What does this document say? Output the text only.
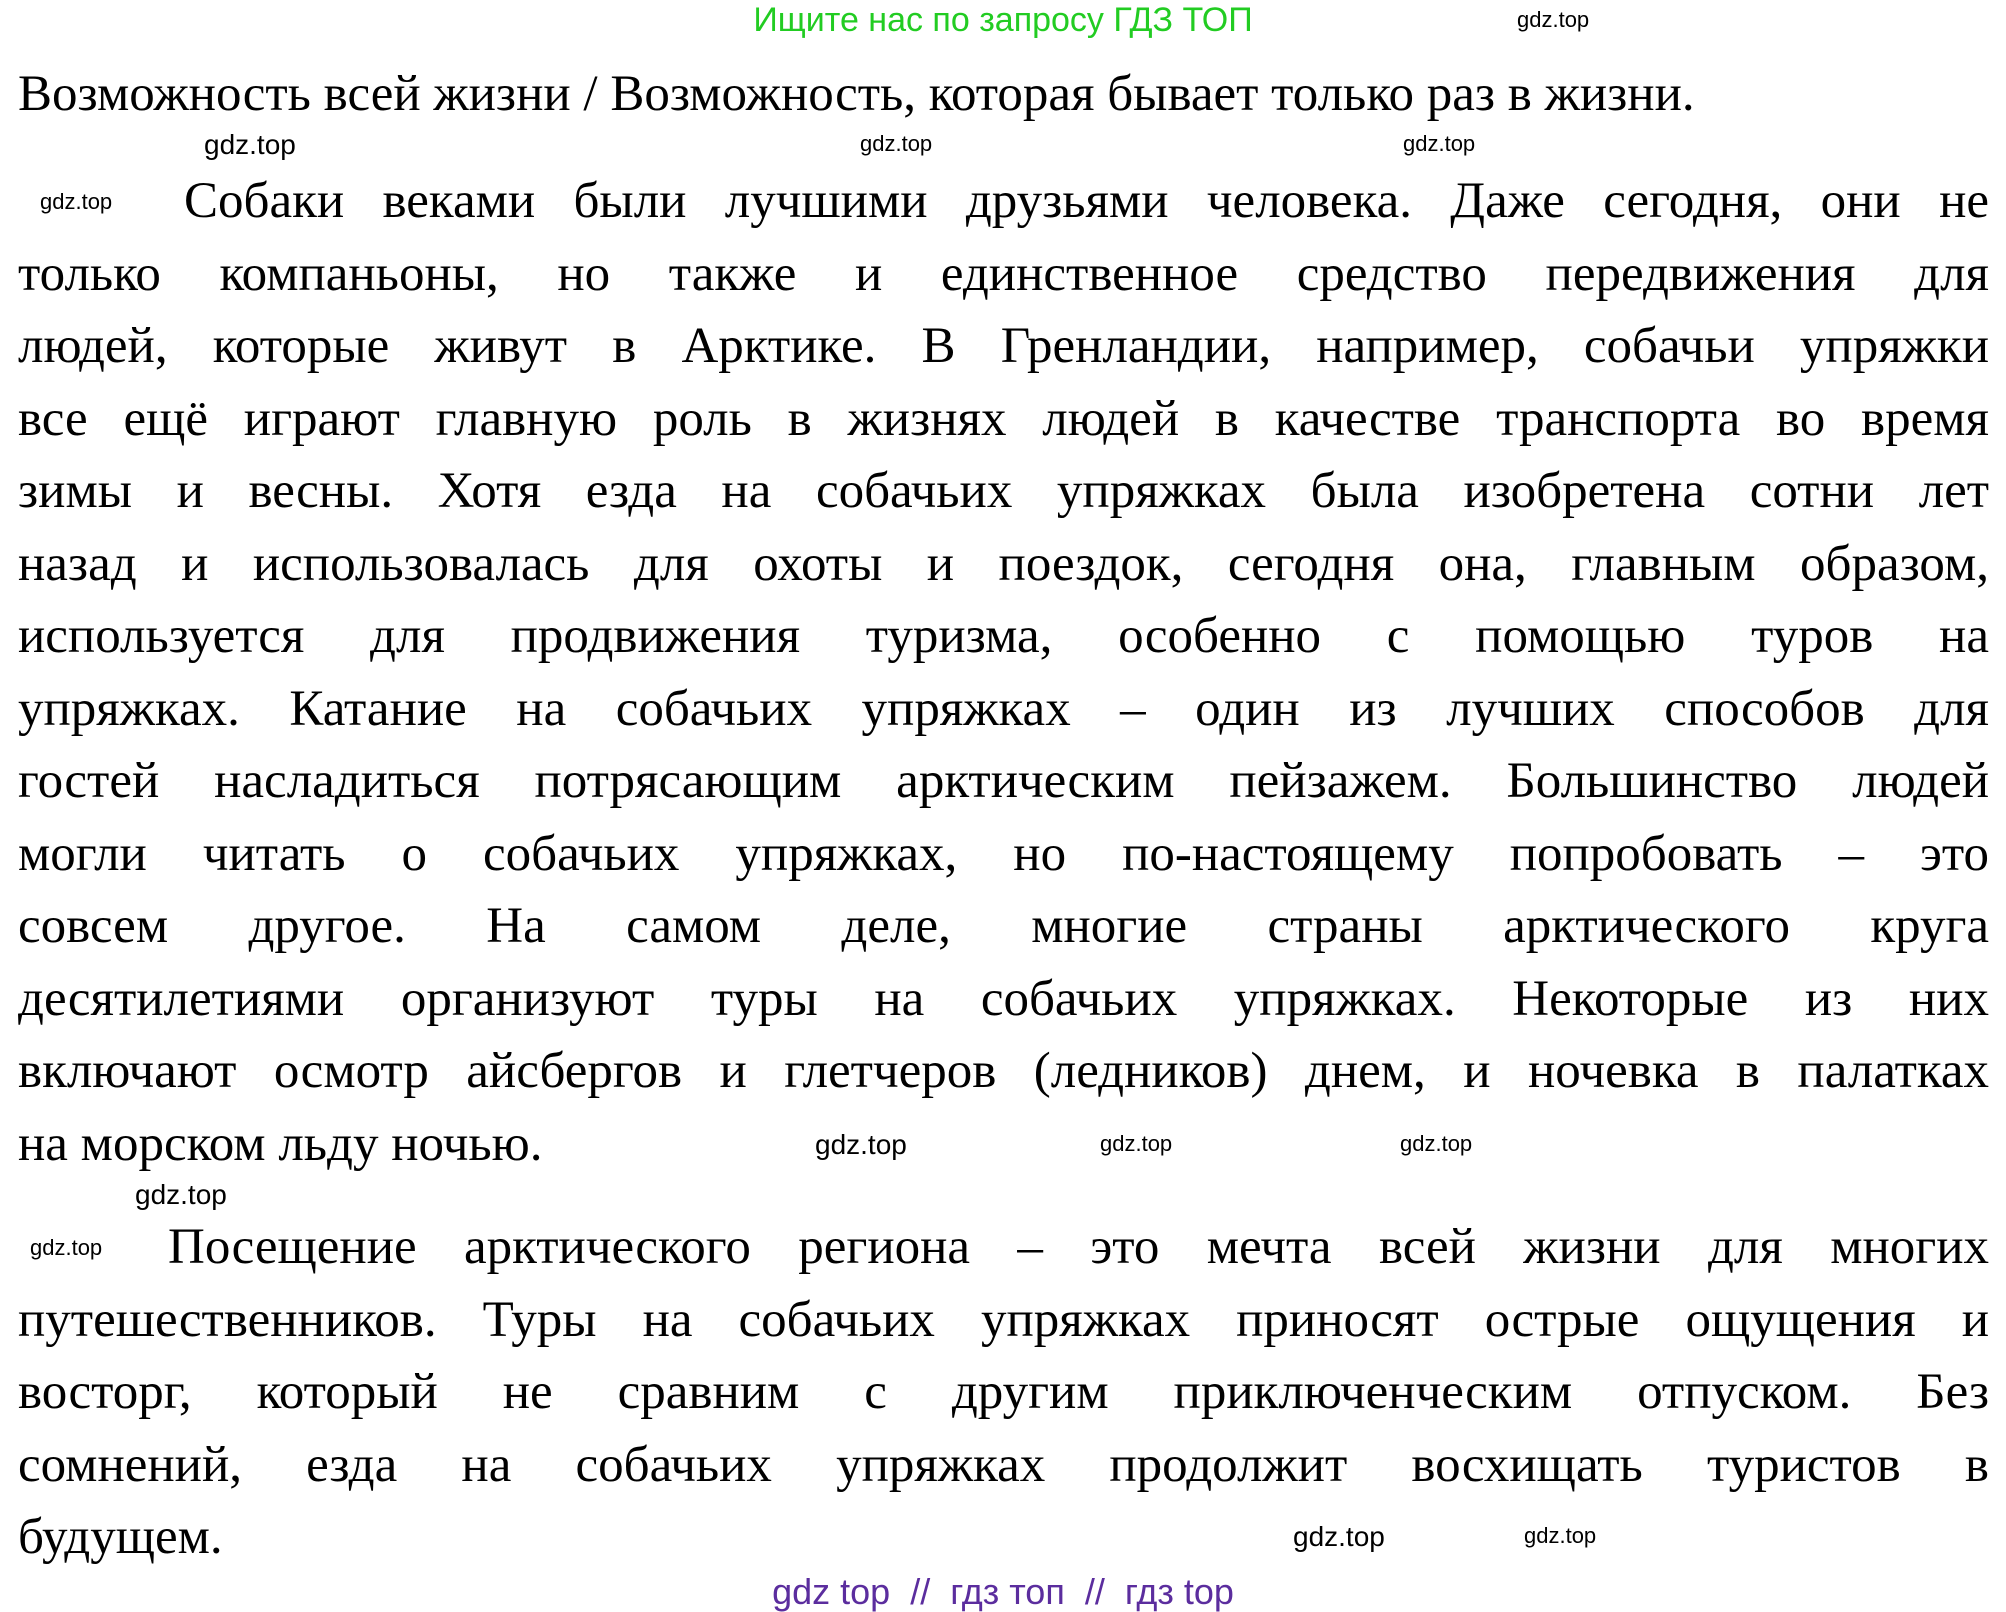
Ищите нас по запросу ГДЗ ТОП
Возможность всей жизни / Возможность, которая бывает только раз в жизни.
Собаки веками были лучшими друзьями человека. Даже сегодня, они не
только компаньоны, но также и единственное средство передвижения для
людей, которые живут в Арктике. В Гренландии, например, собачьи упряжки
все ещё играют главную роль в жизнях людей в качестве транспорта во время
зимы и весны. Хотя езда на собачьих упряжках была изобретена сотни лет
назад и использовалась для охоты и поездок, сегодня она, главным образом,
используется для продвижения туризма, особенно с помощью туров на
упряжках. Катание на собачьих упряжках – один из лучших способов для
гостей насладиться потрясающим арктическим пейзажем. Большинство людей
могли читать о собачьих упряжках, но по-настоящему попробовать – это
совсем другое. На самом деле, многие страны арктического круга
десятилетиями организуют туры на собачьих упряжках. Некоторые из них
включают осмотр айсбергов и глетчеров (ледников) днем, и ночевка в палатках
на морском льду ночью.
Посещение арктического региона – это мечта всей жизни для многих
путешественников. Туры на собачьих упряжках приносят острые ощущения и
восторг, который не сравним с другим приключенческим отпуском. Без
сомнений, езда на собачьих упряжках продолжит восхищать туристов в
будущем.
gdz.top
gdz.top	gdz.top	gdz.top
gdz.top
gdz.top	gdz.top	gdz.top
gdz.top
gdz.top
gdz.top	gdz.top
gdz top  //  гдз топ  //  гдз top
